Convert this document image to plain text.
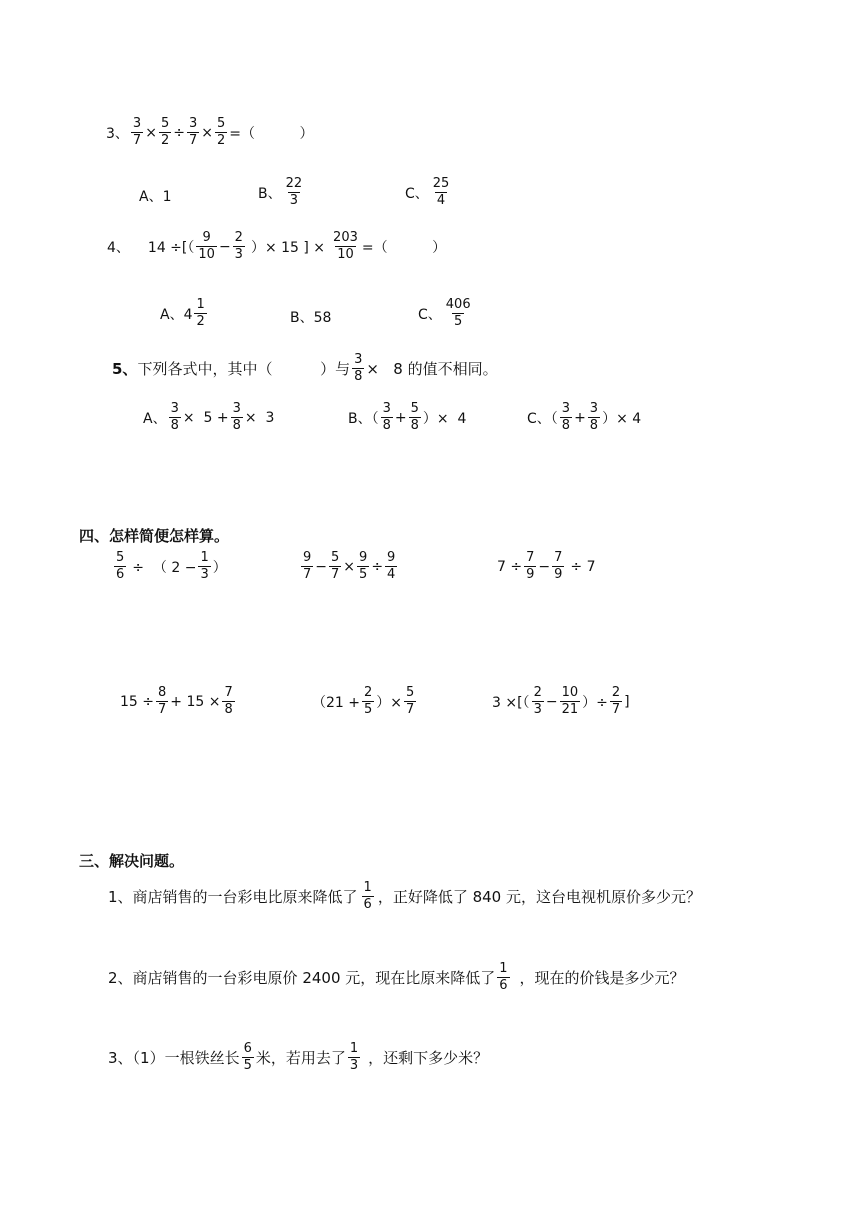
3、 $\frac{3}{7} \times \frac{5}{2} \div \frac{3}{7} \times \frac{5}{2}$ =（          ）
A、1	B、 $\frac{22}{3}$	C、 $\frac{25}{4}$
4、 14 ÷[（ $\frac{9}{10} - \frac{2}{3}$ ）× 15 ] × $\frac{203}{10}$ =（          ）
A、$4 \frac{1}{2}$	B、58	C、 $\frac{406}{5}$
5、 下列各式中，其中（          ）与 $\frac{3}{8} \times 8$ 的值不相同。
A、 $\frac{3}{8} \times 5 + \frac{3}{8} \times 3$	B、（ $\frac{3}{8} + \frac{5}{8}$ ）×  4	C、（ $\frac{3}{8} + \frac{3}{8}$ ）× 4
四、怎样简便怎样算。
$\frac{5}{6}$ ÷  （ $2 - \frac{1}{3}$ ）	$\frac{9}{7} - \frac{5}{7} \times \frac{9}{5} \div \frac{9}{4}$	$7 \div \frac{7}{9} - \frac{7}{9} \div 7$
$15 \div \frac{8}{7} + 15 \times \frac{7}{8}$	（$21 + \frac{2}{5}$ ）× $\frac{5}{7}$	3 ×[（ $\frac{2}{3} - \frac{10}{21}$ ）÷ $\frac{2}{7}$ ]
三、解决问题。
1、商店销售的一台彩电比原来降低了 $\frac{1}{6}$ ，正好降低了 840 元，这台电视机原价多少元？
2、商店销售的一台彩电原价 2400 元，现在比原来降低了 $\frac{1}{6}$ ，现在的价钱是多少元？
3、（1）一根铁丝长 $\frac{6}{5}$ 米，若用去了 $\frac{1}{3}$ ，还剩下多少米？
